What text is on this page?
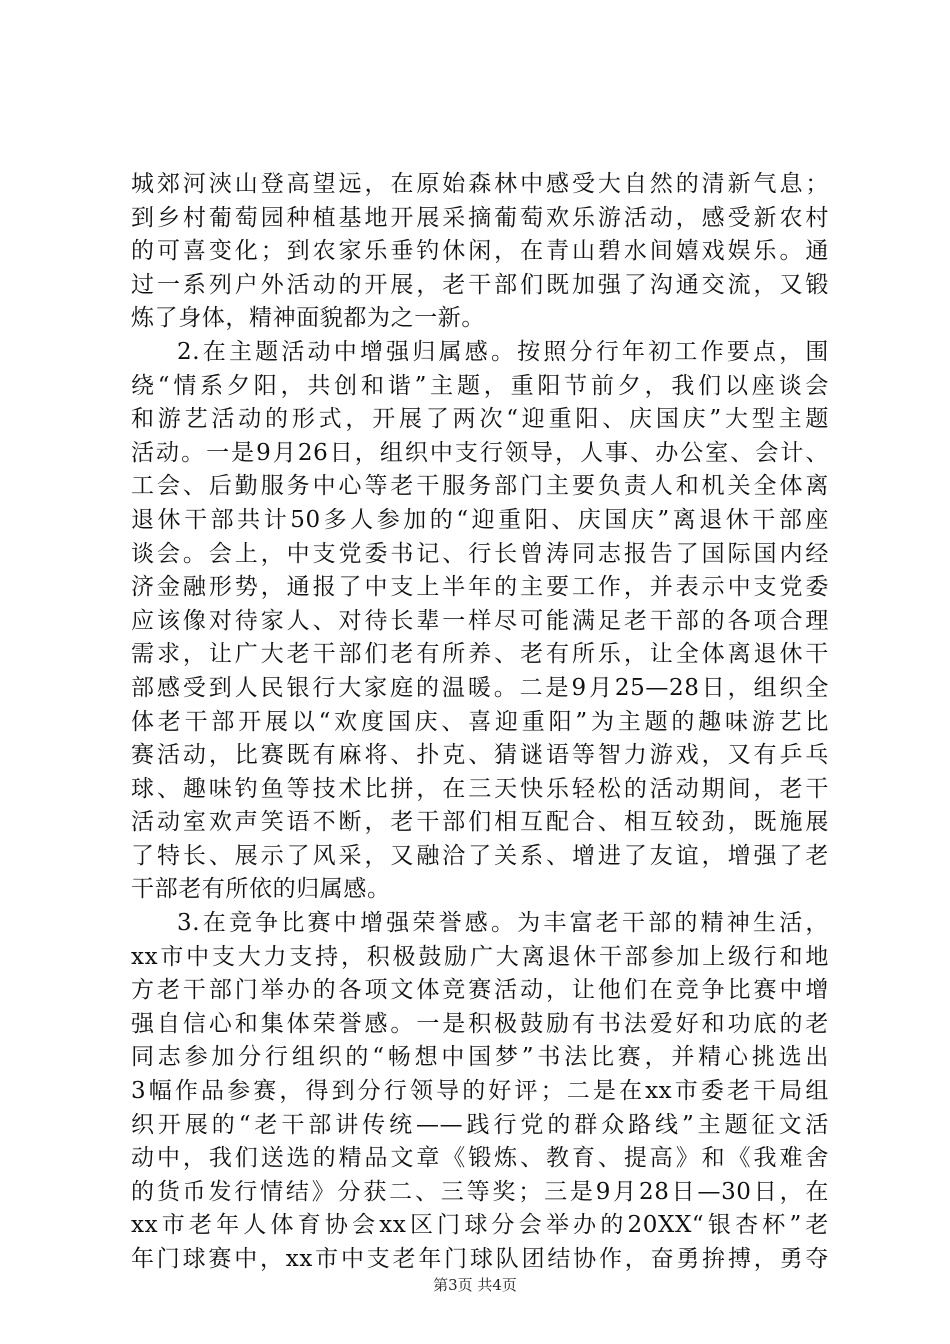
城郊河浹山登高望远，在原始森林中感受大自然的清新气息；
到乡村葡萄园种植基地开展采摘葡萄欢乐游活动，感受新农村
的可喜变化；到农家乐垂钓休闲，在青山碧水间嬉戏娱乐。通
过一系列户外活动的开展，老干部们既加强了沟通交流，又锻
炼了身体，精神面貌都为之一新。
2.在主题活动中增强归属感。按照分行年初工作要点，围
绕“情系夕阳，共创和谐”主题，重阳节前夕，我们以座谈会
和游艺活动的形式，开展了两次“迎重阳、庆国庆”大型主题
活动。一是9月26日，组织中支行领导，人事、办公室、会计、
工会、后勤服务中心等老干服务部门主要负责人和机关全体离
退休干部共计50多人参加的“迎重阳、庆国庆”离退休干部座
谈会。会上，中支党委书记、行长曾涛同志报告了国际国内经
济金融形势，通报了中支上半年的主要工作，并表示中支党委
应该像对待家人、对待长辈一样尽可能满足老干部的各项合理
需求，让广大老干部们老有所养、老有所乐，让全体离退休干
部感受到人民银行大家庭的温暖。二是9月25—28日，组织全
体老干部开展以“欢度国庆、喜迎重阳”为主题的趣味游艺比
赛活动，比赛既有麻将、扑克、猜谜语等智力游戏，又有乒乓
球、趣味钓鱼等技术比拼，在三天快乐轻松的活动期间，老干
活动室欢声笑语不断，老干部们相互配合、相互较劲，既施展
了特长、展示了风采，又融洽了关系、增进了友谊，增强了老
干部老有所依的归属感。
3.在竞争比赛中增强荣誉感。为丰富老干部的精神生活，
xx市中支大力支持，积极鼓励广大离退休干部参加上级行和地
方老干部门举办的各项文体竞赛活动，让他们在竞争比赛中增
强自信心和集体荣誉感。一是积极鼓励有书法爱好和功底的老
同志参加分行组织的“畅想中国梦”书法比赛，并精心挑选出
3幅作品参赛，得到分行领导的好评；二是在xx市委老干局组
织开展的“老干部讲传统——践行党的群众路线”主题征文活
动中，我们送选的精品文章《锻炼、教育、提高》和《我难舍
的货币发行情结》分获二、三等奖；三是9月28日—30日，在
xx市老年人体育协会xx区门球分会举办的20XX“银杏杯”老
年门球赛中，xx市中支老年门球队团结协作，奋勇拚搏，勇夺
第3页 共4页
